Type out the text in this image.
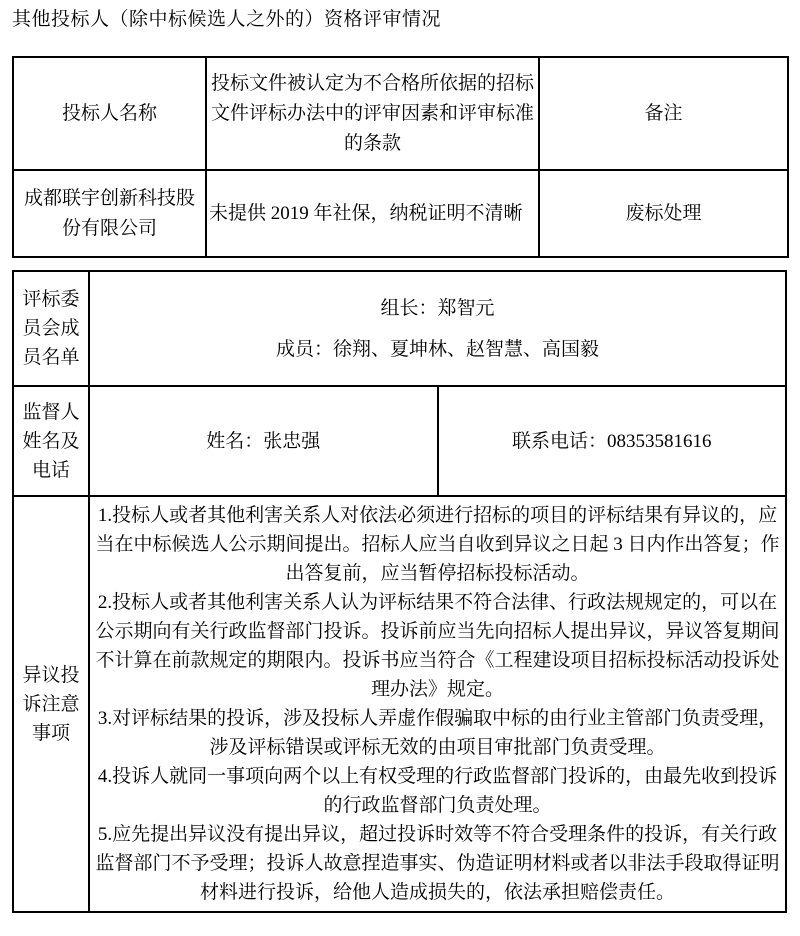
其他投标人（除中标候选人之外的）资格评审情况
投标人名称	投标文件被认定为不合格所依据的招标文件评标办法中的评审因素和评审标准的条款	备注
成都联宇创新科技股份有限公司	未提供 2019 年社保，纳税证明不清晰	废标处理
评标委员会成员名单	组长：郑智元
成员：徐翔、夏坤林、赵智慧、高国毅	

监督人姓名及电话	姓名：张忠强	联系电话：08353581616
异议投诉注意事项	1.投标人或者其他利害关系人对依法必须进行招标的项目的评标结果有异议的，应当在中标候选人公示期间提出。招标人应当自收到异议之日起 3 日内作出答复；作出答复前，应当暂停招标投标活动。
2.投标人或者其他利害关系人认为评标结果不符合法律、行政法规规定的，可以在公示期向有关行政监督部门投诉。投诉前应当先向招标人提出异议，异议答复期间不计算在前款规定的期限内。投诉书应当符合《工程建设项目招标投标活动投诉处理办法》规定。
3.对评标结果的投诉，涉及投标人弄虚作假骗取中标的由行业主管部门负责受理，涉及评标错误或评标无效的由项目审批部门负责受理。
4.投诉人就同一事项向两个以上有权受理的行政监督部门投诉的，由最先收到投诉的行政监督部门负责处理。
5.应先提出异议没有提出异议，超过投诉时效等不符合受理条件的投诉，有关行政监督部门不予受理；投诉人故意捏造事实、伪造证明材料或者以非法手段取得证明材料进行投诉，给他人造成损失的，依法承担赔偿责任。	
